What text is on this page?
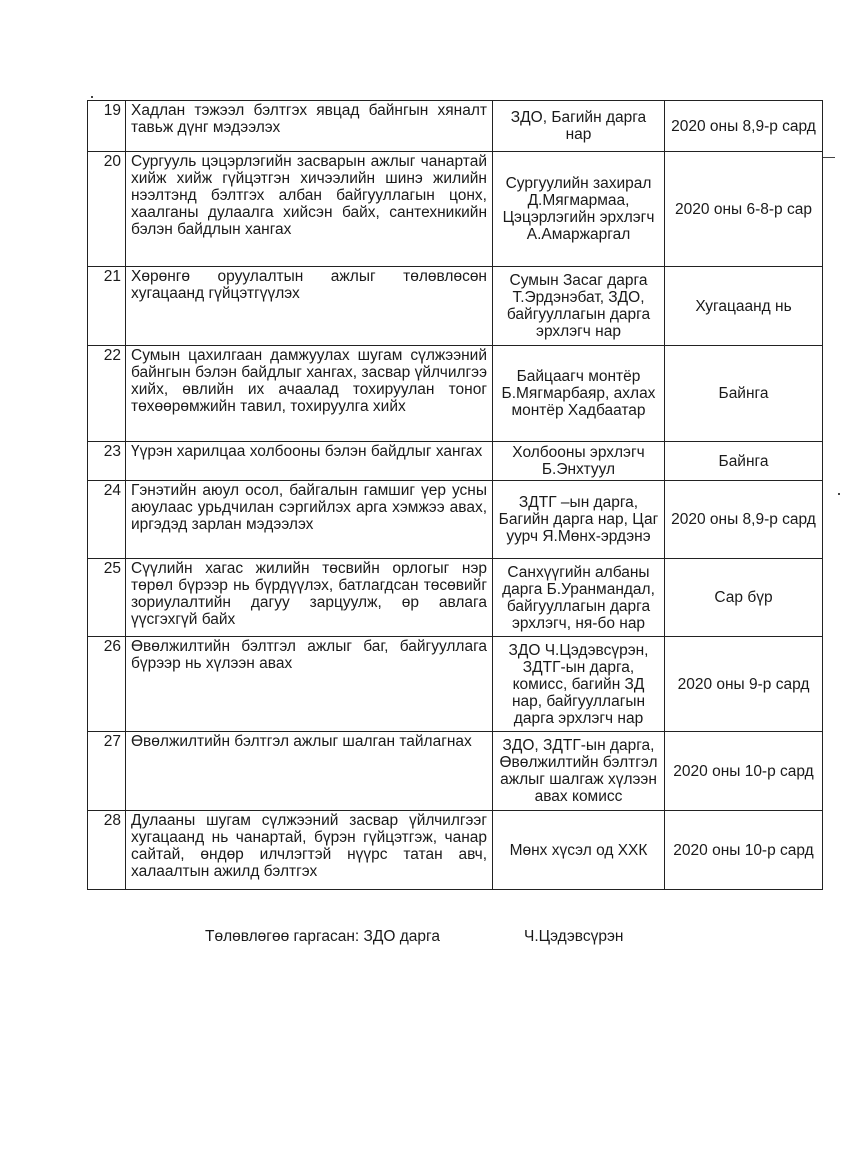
19	Хадлан тэжээл бэлтгэх явцад байнгын хяналт тавьж дүнг мэдээлэх	ЗДО, Багийн дарга нар	2020 оны 8,9-р сард
20	Сургууль цэцэрлэгийн засварын ажлыг чанартай хийж хийж гүйцэтгэн хичээлийн шинэ жилийн нээлтэнд бэлтгэх албан байгууллагын цонх, хаалганы дулаалга хийсэн байх, сантехникийн бэлэн байдлын хангах	Сургуулийн захирал Д.Мягмармаа, Цэцэрлэгийн эрхлэгч А.Амаржаргал	2020 оны 6-8-р сар
21	Хөрөнгө оруулалтын ажлыг төлөвлөсөн хугацаанд гүйцэтгүүлэх	Сумын Засаг дарга Т.Эрдэнэбат, ЗДО, байгууллагын дарга эрхлэгч нар	Хугацаанд нь
22	Сумын цахилгаан дамжуулах шугам сүлжээний байнгын бэлэн байдлыг хангах, засвар үйлчилгээ хийх, өвлийн их ачаалад тохируулан тоног төхөөрөмжийн тавил, тохируулга хийх	Байцаагч монтёр Б.Мягмарбаяр, ахлах монтёр Хадбаатар	Байнга
23	Үүрэн харилцаа холбооны бэлэн байдлыг хангах	Холбооны эрхлэгч Б.Энхтуул	Байнга
24	Гэнэтийн аюул осол, байгалын гамшиг үер усны аюулаас урьдчилан сэргийлэх арга хэмжээ авах, иргэдэд зарлан мэдээлэх	ЗДТГ –ын дарга, Багийн дарга нар, Цаг уурч Я.Мөнх-эрдэнэ	2020 оны 8,9-р сард
25	Сүүлийн хагас жилийн төсвийн орлогыг нэр төрөл бүрээр нь бүрдүүлэх, батлагдсан төсөвийг зориулалтийн дагуу зарцуулж, өр авлага үүсгэхгүй байх	Санхүүгийн албаны дарга Б.Уранмандал, байгууллагын дарга эрхлэгч, ня-бо нар	Сар бүр
26	Өвөлжилтийн бэлтгэл ажлыг баг, байгууллага бүрээр нь хүлээн авах	ЗДО Ч.Цэдэвсүрэн, ЗДТГ-ын дарга, комисс, багийн ЗД нар, байгууллагын дарга эрхлэгч нар	2020 оны 9-р сард
27	Өвөлжилтийн бэлтгэл ажлыг шалган тайлагнах	ЗДО, ЗДТГ-ын дарга, Өвөлжилтийн бэлтгэл ажлыг шалгаж хүлээн авах комисс	2020 оны 10-р сард
28	Дулааны шугам сүлжээний засвар үйлчилгээг хугацаанд нь чанартай, бүрэн гүйцэтгэж, чанар сайтай, өндөр илчлэгтэй нүүрс татан авч, халаалтын ажилд бэлтгэх	Мөнх хүсэл од ХХК	2020 оны 10-р сард
Төлөвлөгөө гаргасан: ЗДО дарга	Ч.Цэдэвсүрэн
